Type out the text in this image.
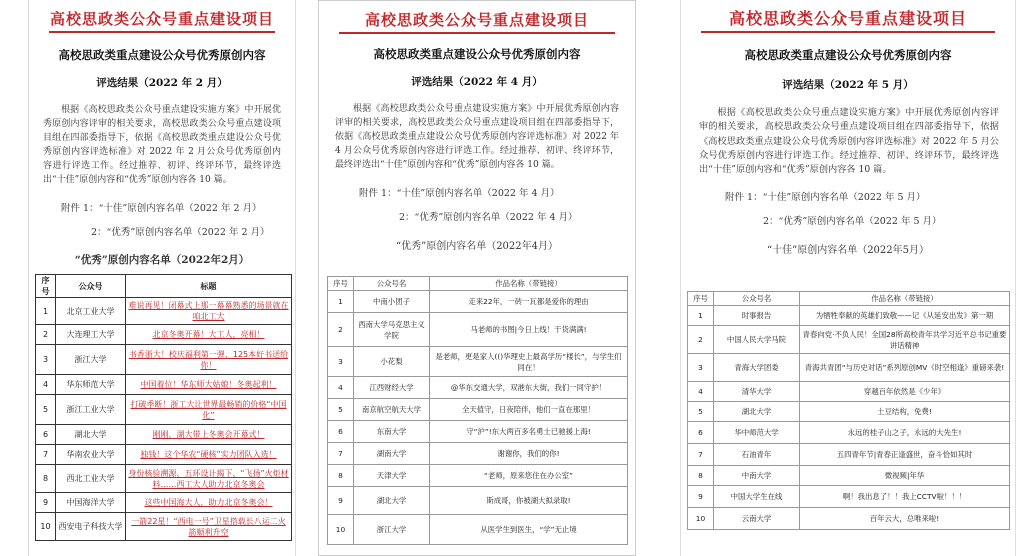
高校思政类公众号重点建设项目
高校思政类重点建设公众号优秀原创内容
评选结果（2022 年 2 月）
根据《高校思政类公众号重点建设实施方案》中开展优秀原创内容评审的相关要求，高校思政类公众号重点建设项目组在四部委指导下，依据《高校思政类重点建设公众号优秀原创内容评选标准》对 2022 年 2 月公众号优秀原创内容进行评选工作。经过推荐、初评、终评环节，最终评选出“十佳”原创内容和“优秀”原创内容各 10 篇。
附件 1：“十佳”原创内容名单（2022 年 2 月）
2：“优秀”原创内容名单（2022 年 2 月）
“优秀”原创内容名单（2022年2月）
序号	公众号	标题
1	北京工业大学	难说再见！闭幕式上那一幕幕熟悉的场景就在咱北工大
2	大连理工大学	北京冬奥开幕！大工人，亮相！
3	浙江大学	书香浙大！校庆福利第一弹，125本好书送给你！
4	华东师范大学	中国着位！华东师大姑娘！冬奥起利！
5	浙江工业大学	打破季断！浙工大让世界最畅销的价格“中国化”
6	湖北大学	刚刚，湖大带上冬奥会开幕式！
7	华南农业大学	独钱！这个华农“硬核”实力团队入选！
8	西北工业大学	身份核验溯源、五环设计揭下、“飞扬”火炬材料……西工大人助力北京冬奥会
9	中国海洋大学	这些中国海大人，助力北京冬奥会！
10	西安电子科技大学	一箭22星！“西电一号”卫星搭载长八运二火箭顺利升空
高校思政类公众号重点建设项目
高校思政类重点建设公众号优秀原创内容
评选结果（2022 年 4 月）
根据《高校思政类公众号重点建设实施方案》中开展优秀原创内容评审的相关要求，高校思政类公众号重点建设项目组在四部委指导下，依据《高校思政类重点建设公众号优秀原创内容评选标准》对 2022 年 4 月公众号优秀原创内容进行评选工作。经过推荐、初评、终评环节，最终评选出“十佳”原创内容和“优秀”原创内容各 10 篇。
附件 1：“十佳”原创内容名单（2022 年 4 月）
2：“优秀”原创内容名单（2022 年 4 月）
“优秀”原创内容名单（2022年4月）
序号	公众号名	作品名称（带链接）
1	中南小团子	走来22年，一砖一瓦都是爱你的理由
2	西南大学马克思主义学院	马老师的书图|今日上线！干货满满!
3	小花梨	是老师，更是家人(()华理史上最高学历“楼长”，与学生们同在！
4	江西财经大学	@华东交通大学，双港东大街，我们一同守护！
5	南京航空航天大学	全天值守，日夜陪伴，他们一直在那里！
6	东南大学	守“沪”!东大两百多名勇士已驰援上海!
7	湖南大学	谢谢你，我们的你!
8	天津大学	“老师，原来您住在办公室”
9	湖北大学	斯成哥，你被湖大拟录取!
10	浙江大学	从医学生到医生，“学”无止境
高校思政类公众号重点建设项目
高校思政类重点建设公众号优秀原创内容
评选结果（2022 年 5 月）
根据《高校思政类公众号重点建设实施方案》中开展优秀原创内容评审的相关要求，高校思政类公众号重点建设项目组在四部委指导下，依据《高校思政类重点建设公众号优秀原创内容评选标准》对 2022 年 5 月公众号优秀原创内容进行评选工作。经过推荐、初评、终评环节，最终评选出“十佳”原创内容和“优秀”原创内容各 10 篇。
附件 1：“十佳”原创内容名单（2022 年 5 月）
2：“优秀”原创内容名单（2022 年 5 月）
“十佳”原创内容名单（2022年5月）
序号	公众号名	作品名称（带链接）
1	时事报告	为牺牲奉献的英雄们致敬——记《从延安出发》第一期
2	中国人民大学马院	青春向党·不负人民！全国28所高校青年共学习近平总书记重要讲话精神
3	青海大学团委	青海共青团“与历史对话”系列原创MV《时空相逢》重磅来袭!
4	清华大学	穿越百年依然是《少年》
5	湖北大学	土豆结构，免费!
6	华中师范大学	永远的桂子山之子，永远的大先生!
7	石油青年	五四青年节|青春正逢盛世，奋斗恰如其时
8	中南大学	微视频|年华
9	中国大学生在线	啊！我出息了！！我上CCTV啦！！！
10	云南大学	百年云大，总唯来啦!
